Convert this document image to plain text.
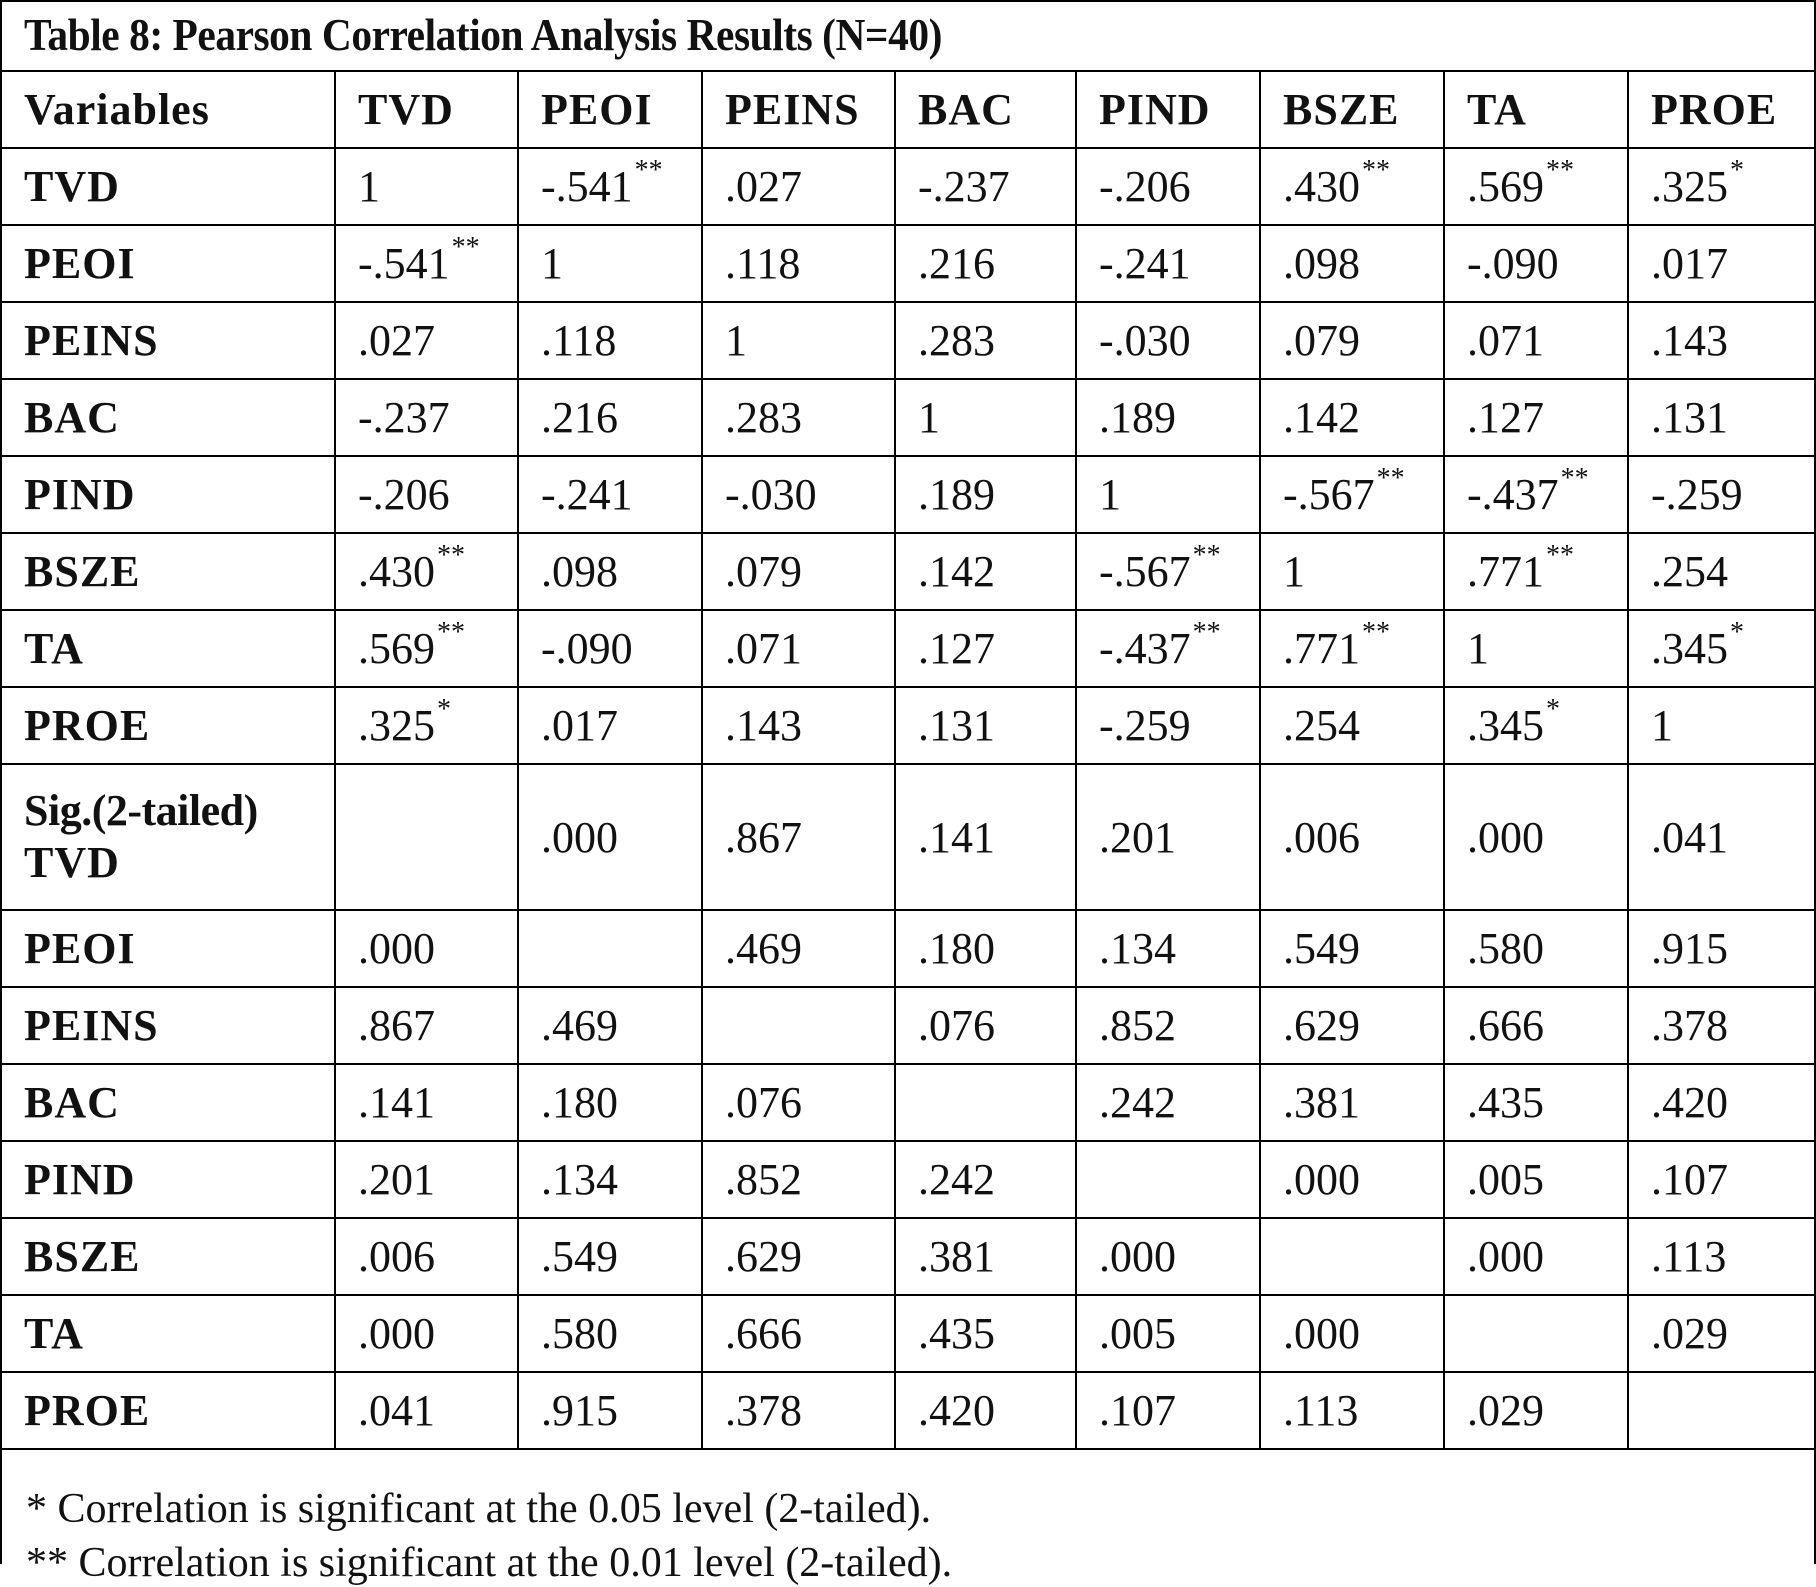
Table 8: Pearson Correlation Analysis Results (N=40)
Variables	TVD	PEOI	PEINS	BAC	PIND	BSZE	TA	PROE
TVD	1	-.541**	.027	-.237	-.206	.430**	.569**	.325*
PEOI	-.541**	1	.118	.216	-.241	.098	-.090	.017
PEINS	.027	.118	1	.283	-.030	.079	.071	.143
BAC	-.237	.216	.283	1	.189	.142	.127	.131
PIND	-.206	-.241	-.030	.189	1	-.567**	-.437**	-.259
BSZE	.430**	.098	.079	.142	-.567**	1	.771**	.254
TA	.569**	-.090	.071	.127	-.437**	.771**	1	.345*
PROE	.325*	.017	.143	.131	-.259	.254	.345*	1

Sig.(2-tailed)
TVD		.000	.867	.141	.201	.006	.000	.041
PEOI	.000		.469	.180	.134	.549	.580	.915
PEINS	.867	.469		.076	.852	.629	.666	.378
BAC	.141	.180	.076		.242	.381	.435	.420
PIND	.201	.134	.852	.242		.000	.005	.107
BSZE	.006	.549	.629	.381	.000		.000	.113
TA	.000	.580	.666	.435	.005	.000		.029
PROE	.041	.915	.378	.420	.107	.113	.029	
* Correlation is significant at the 0.05 level (2-tailed).
** Correlation is significant at the 0.01 level (2-tailed).
